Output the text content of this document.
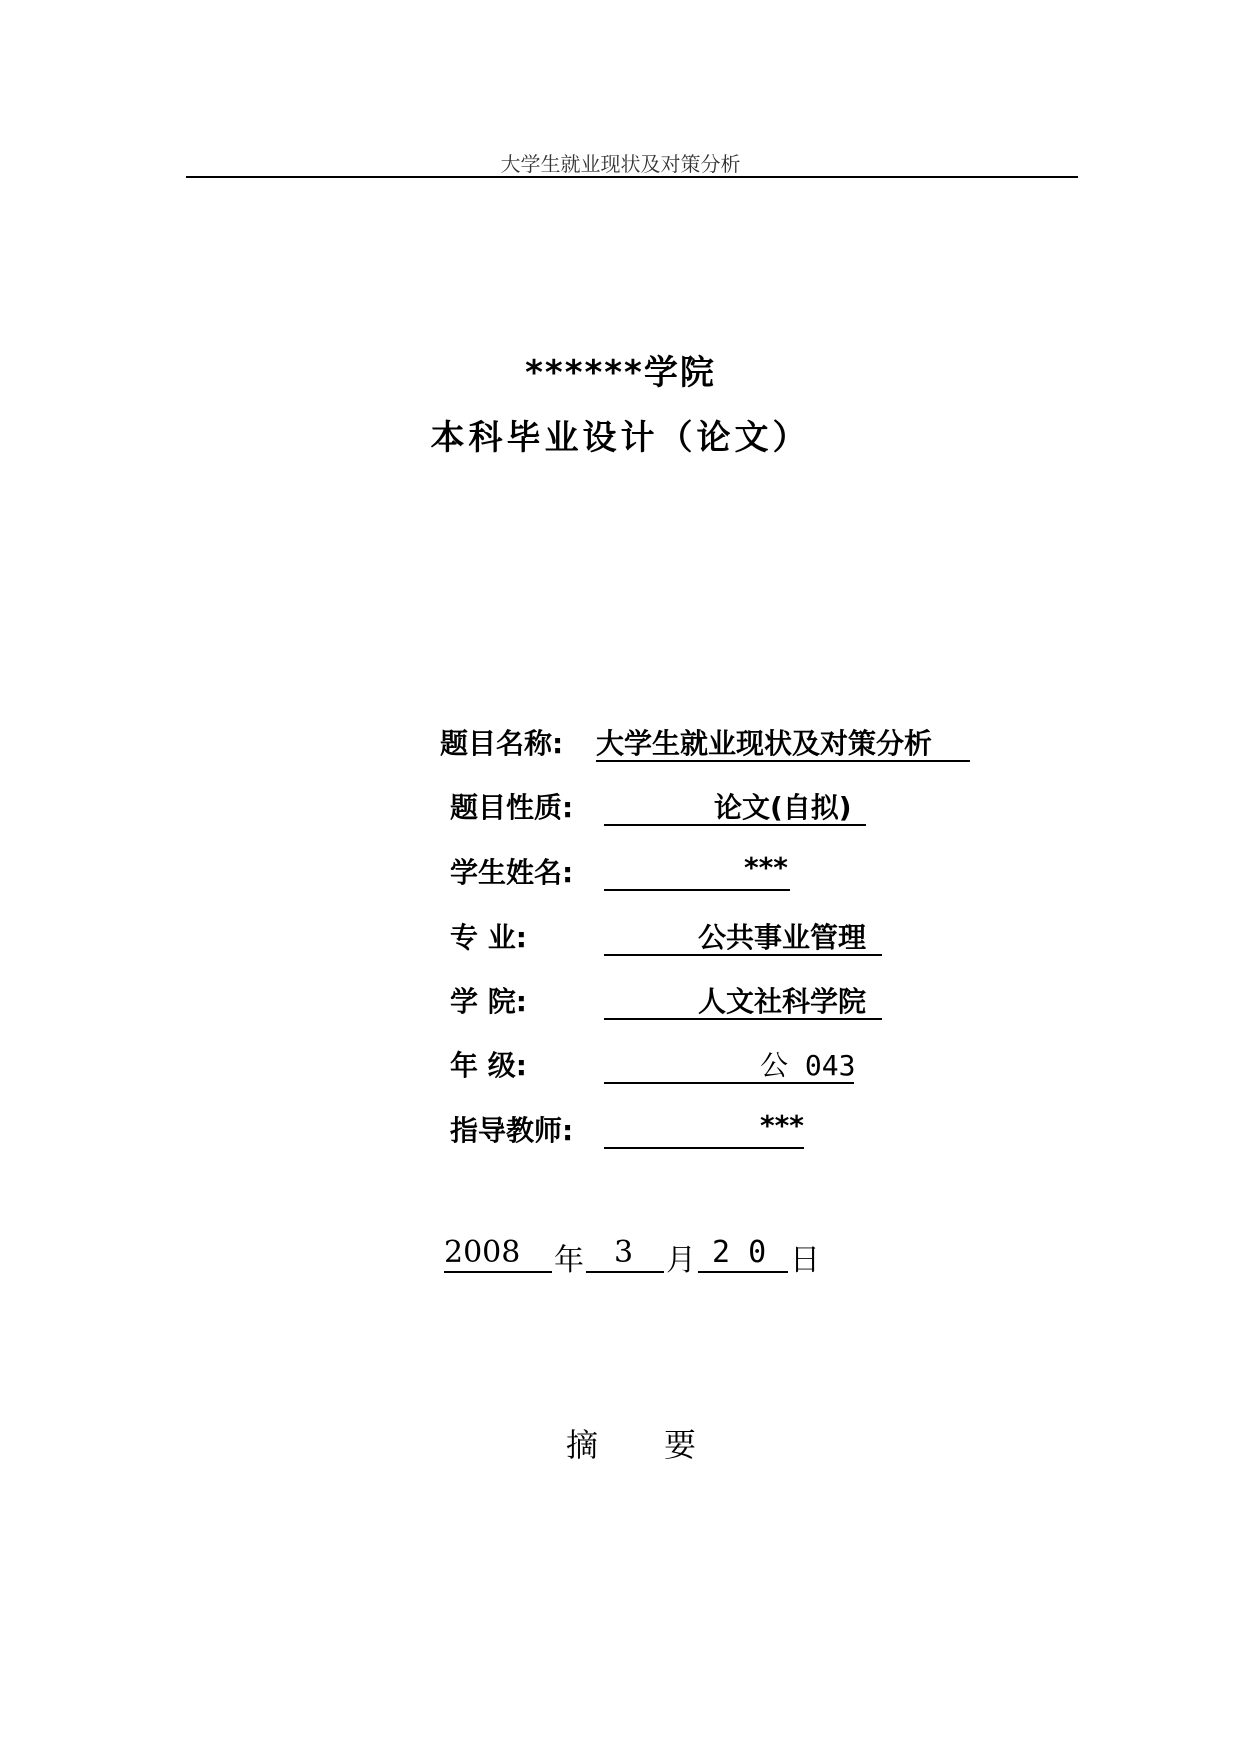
大学生就业现状及对策分析
******学院
本科毕业设计（论文）
题目名称: 大学生就业现状及对策分析
题目性质:	论文(自拟)
学生姓名:	***
专 业:	公共事业管理
学 院:	人文社科学院
年 级:	公 043
指导教师:	***
2008 年 3 月 2 0 日
摘 要
